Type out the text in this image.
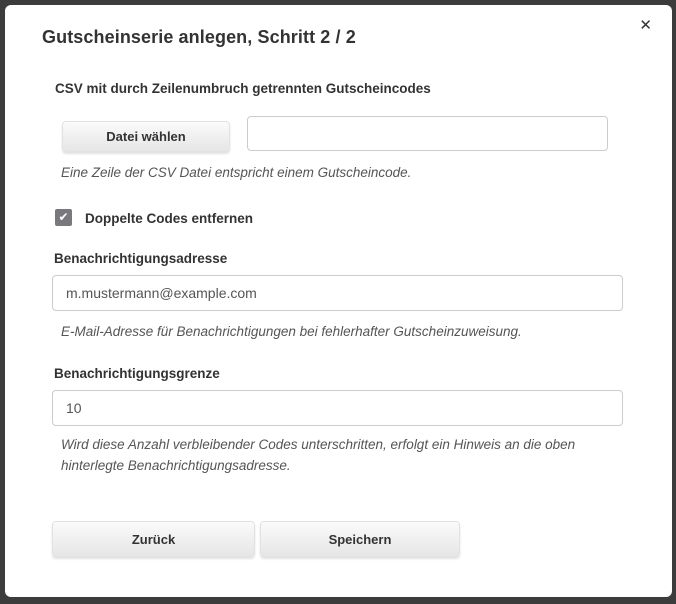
✕
Gutscheinserie anlegen, Schritt 2 / 2
CSV mit durch Zeilenumbruch getrennten Gutscheincodes
Datei wählen

Eine Zeile der CSV Datei entspricht einem Gutscheincode.

✔ Doppelte Codes entfernen
Benachrichtigungsadresse
m.mustermann@example.com

E-Mail-Adresse für Benachrichtigungen bei fehlerhafter Gutscheinzuweisung.

Benachrichtigungsgrenze
10

Wird diese Anzahl verbleibender Codes unterschritten, erfolgt ein Hinweis an die oben hinterlegte Benachrichtigungsadresse.

Zurück	Speichern
